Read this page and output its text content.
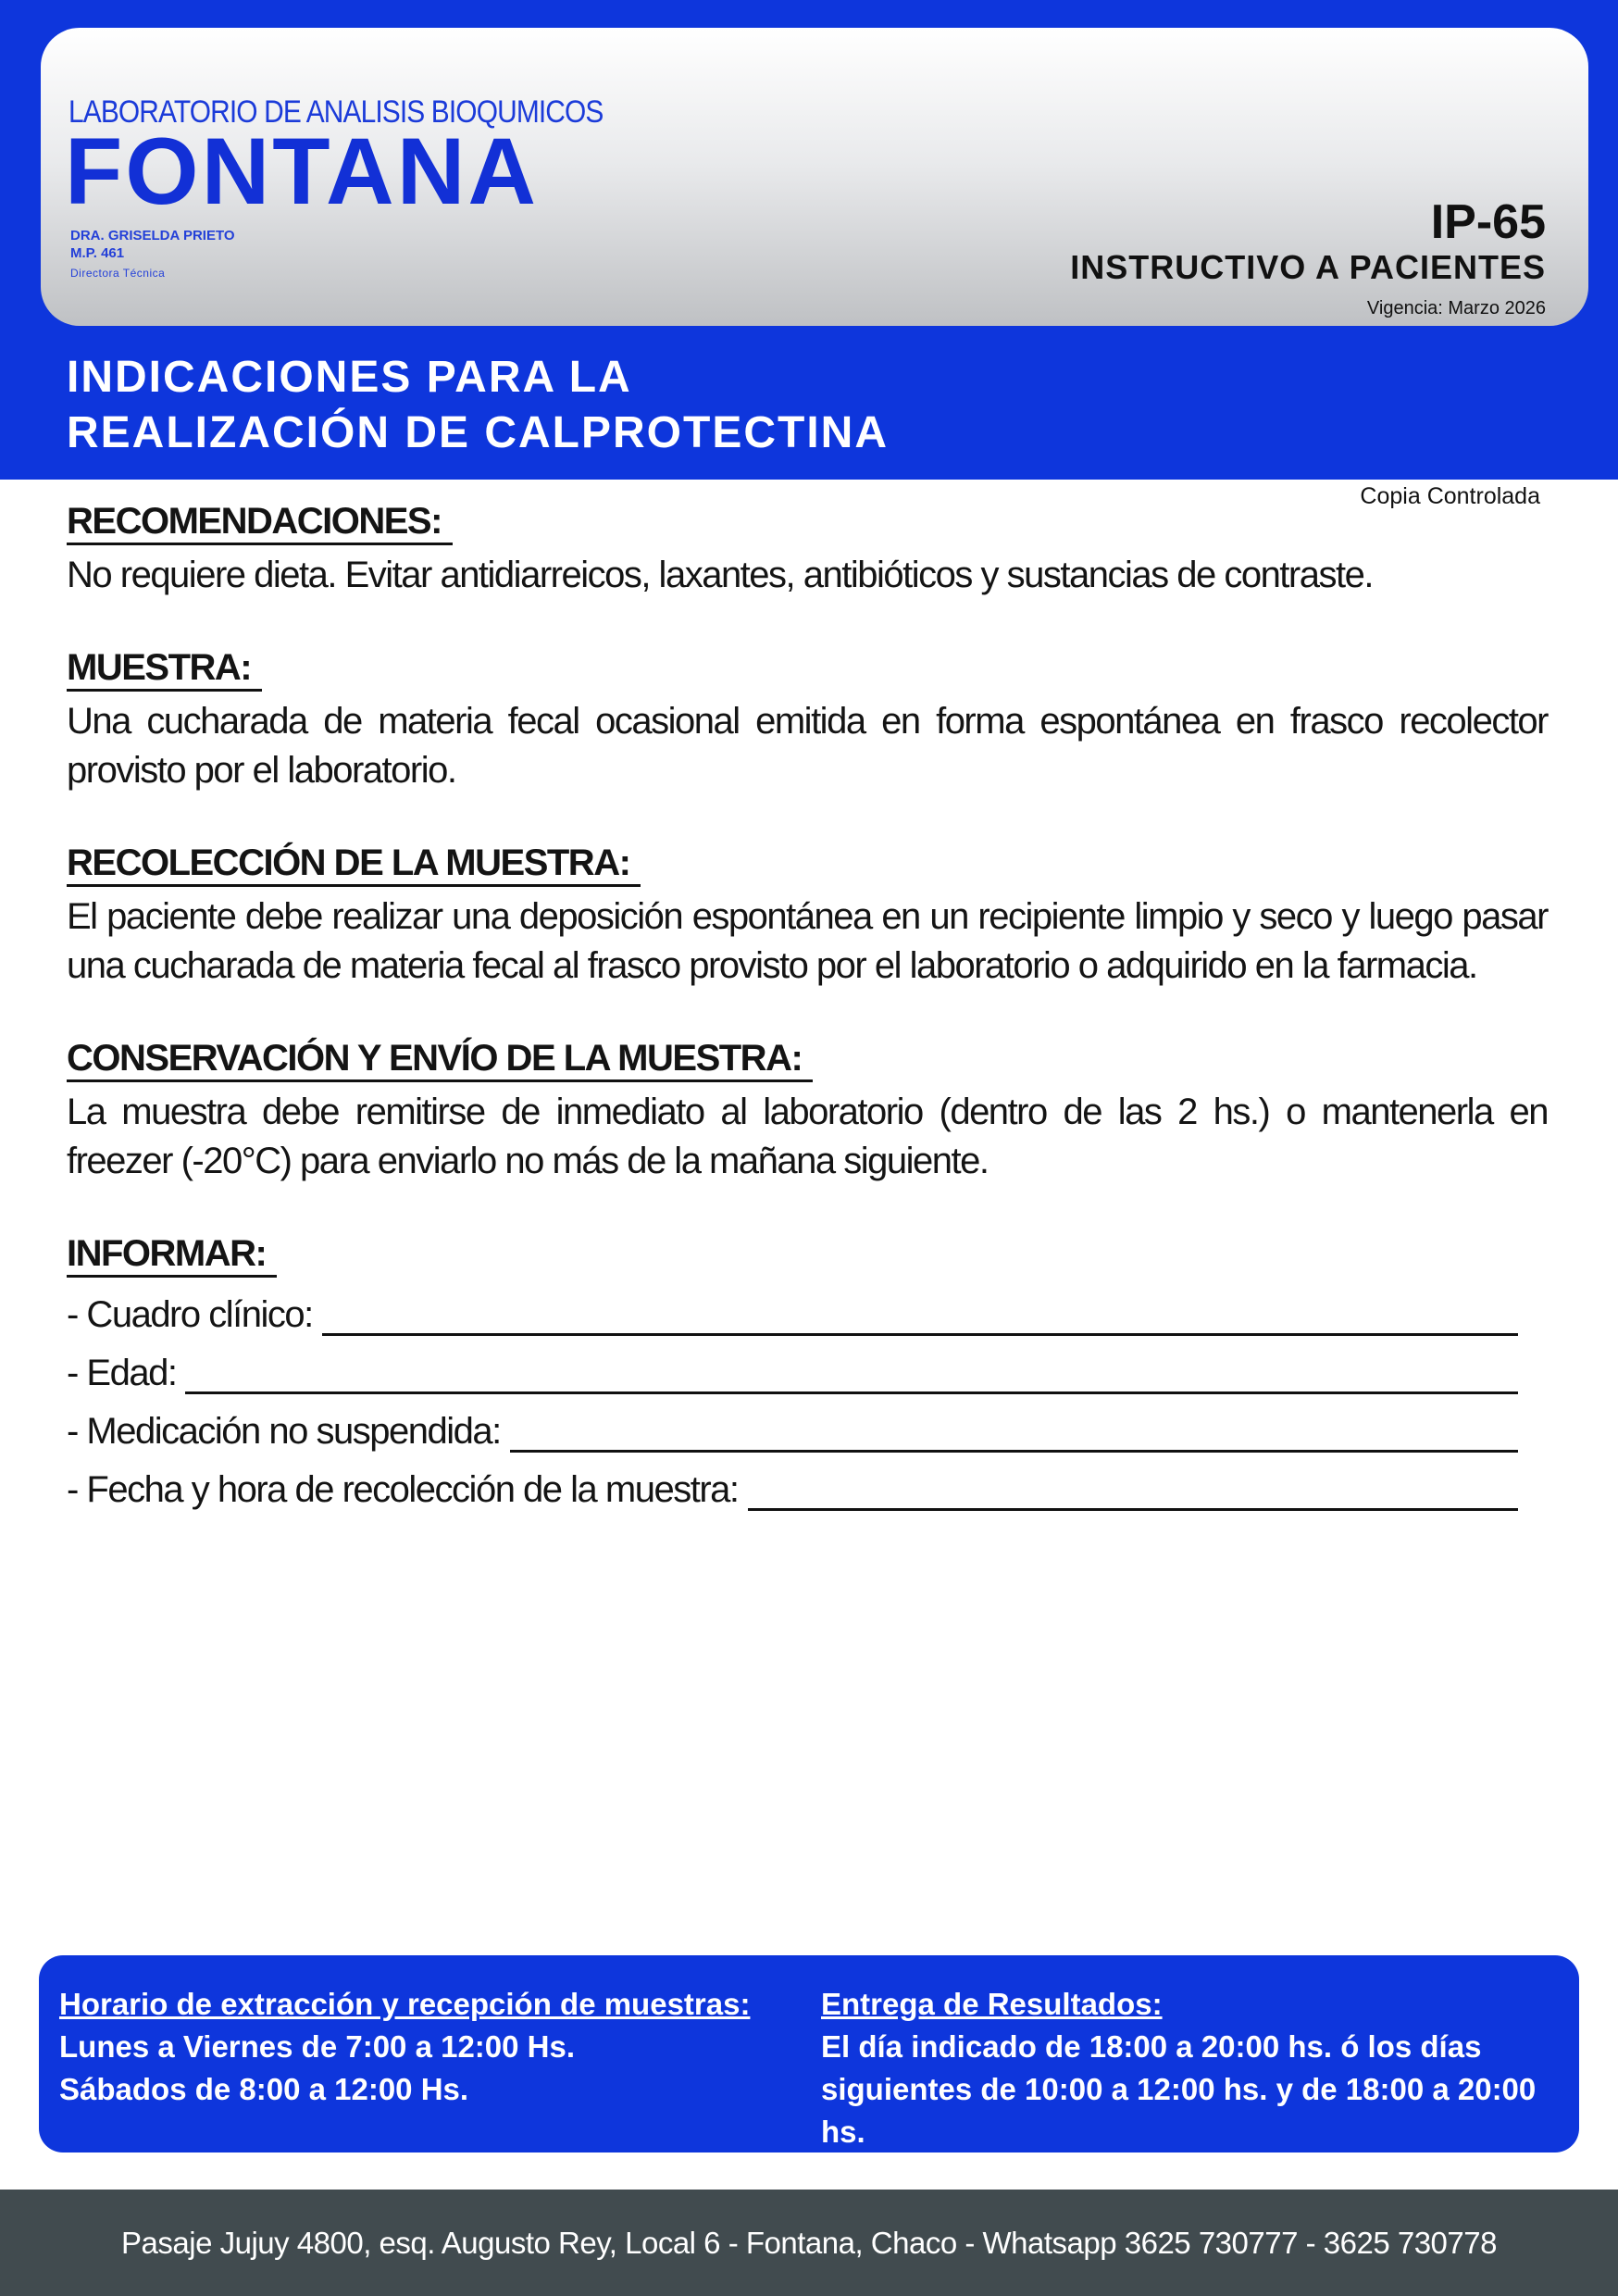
LABORATORIO DE ANALISIS BIOQUMICOS
FONTANA
DRA. GRISELDA PRIETO
M.P. 461
Directora Técnica
IP-65
INSTRUCTIVO A PACIENTES
Vigencia: Marzo 2026
INDICACIONES PARA LA
REALIZACIÓN DE CALPROTECTINA
Copia Controlada
RECOMENDACIONES:
No requiere dieta. Evitar antidiarreicos, laxantes, antibióticos y sustancias de contraste.
MUESTRA:
Una cucharada de materia fecal ocasional emitida en forma espontánea en frasco recolector provisto por el laboratorio.
RECOLECCIÓN DE LA MUESTRA:
El paciente debe realizar una deposición espontánea en un recipiente limpio y seco y luego pasar una cucharada de materia fecal al frasco provisto por el laboratorio o adquirido en la farmacia.
CONSERVACIÓN Y ENVÍO DE LA MUESTRA:
La muestra debe remitirse de inmediato al laboratorio (dentro de las 2 hs.) o mantenerla en freezer (-20°C) para enviarlo no más de la mañana siguiente.
INFORMAR:
- Cuadro clínico:
- Edad:
- Medicación no suspendida:
- Fecha y hora de recolección de la muestra:
Horario de extracción y recepción de muestras:
Lunes a Viernes de 7:00 a 12:00 Hs.
Sábados de 8:00 a 12:00 Hs.
Entrega de Resultados:
El día indicado de 18:00 a 20:00 hs. ó los días
siguientes de 10:00 a 12:00 hs. y de 18:00 a 20:00 hs.
Pasaje Jujuy 4800, esq. Augusto Rey, Local 6 - Fontana, Chaco - Whatsapp 3625 730777 - 3625 730778
